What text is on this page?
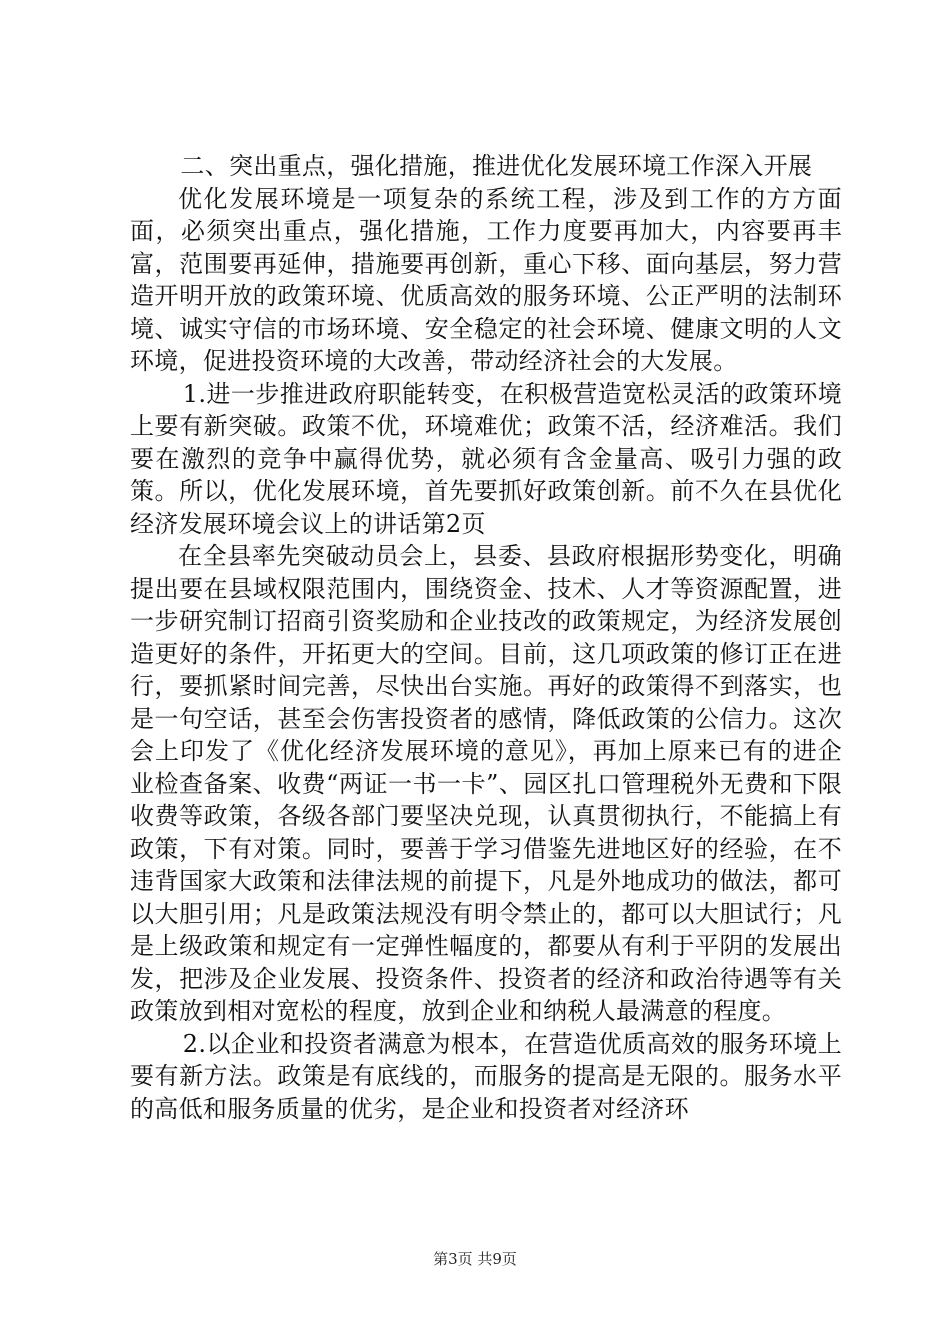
二、突出重点，强化措施，推进优化发展环境工作深入开展

优化发展环境是一项复杂的系统工程，涉及到工作的方方面面，必须突出重点，强化措施，工作力度要再加大，内容要再丰富，范围要再延伸，措施要再创新，重心下移、面向基层，努力营造开明开放的政策环境、优质高效的服务环境、公正严明的法制环境、诚实守信的市场环境、安全稳定的社会环境、健康文明的人文环境，促进投资环境的大改善，带动经济社会的大发展。

1.进一步推进政府职能转变，在积极营造宽松灵活的政策环境上要有新突破。政策不优，环境难优；政策不活，经济难活。我们要在激烈的竞争中赢得优势，就必须有含金量高、吸引力强的政策。所以，优化发展环境，首先要抓好政策创新。前不久在县优化经济发展环境会议上的讲话第2页

在全县率先突破动员会上，县委、县政府根据形势变化，明确提出要在县域权限范围内，围绕资金、技术、人才等资源配置，进一步研究制订招商引资奖励和企业技改的政策规定，为经济发展创造更好的条件，开拓更大的空间。目前，这几项政策的修订正在进行，要抓紧时间完善，尽快出台实施。再好的政策得不到落实，也是一句空话，甚至会伤害投资者的感情，降低政策的公信力。这次会上印发了《优化经济发展环境的意见》，再加上原来已有的进企业检查备案、收费“两证一书一卡”、园区扎口管理税外无费和下限收费等政策，各级各部门要坚决兑现，认真贯彻执行，不能搞上有政策，下有对策。同时，要善于学习借鉴先进地区好的经验，在不违背国家大政策和法律法规的前提下，凡是外地成功的做法，都可以大胆引用；凡是政策法规没有明令禁止的，都可以大胆试行；凡是上级政策和规定有一定弹性幅度的，都要从有利于平阴的发展出发，把涉及企业发展、投资条件、投资者的经济和政治待遇等有关政策放到相对宽松的程度，放到企业和纳税人最满意的程度。

2.以企业和投资者满意为根本，在营造优质高效的服务环境上要有新方法。政策是有底线的，而服务的提高是无限的。服务水平的高低和服务质量的优劣，是企业和投资者对经济环

第3页 共9页
